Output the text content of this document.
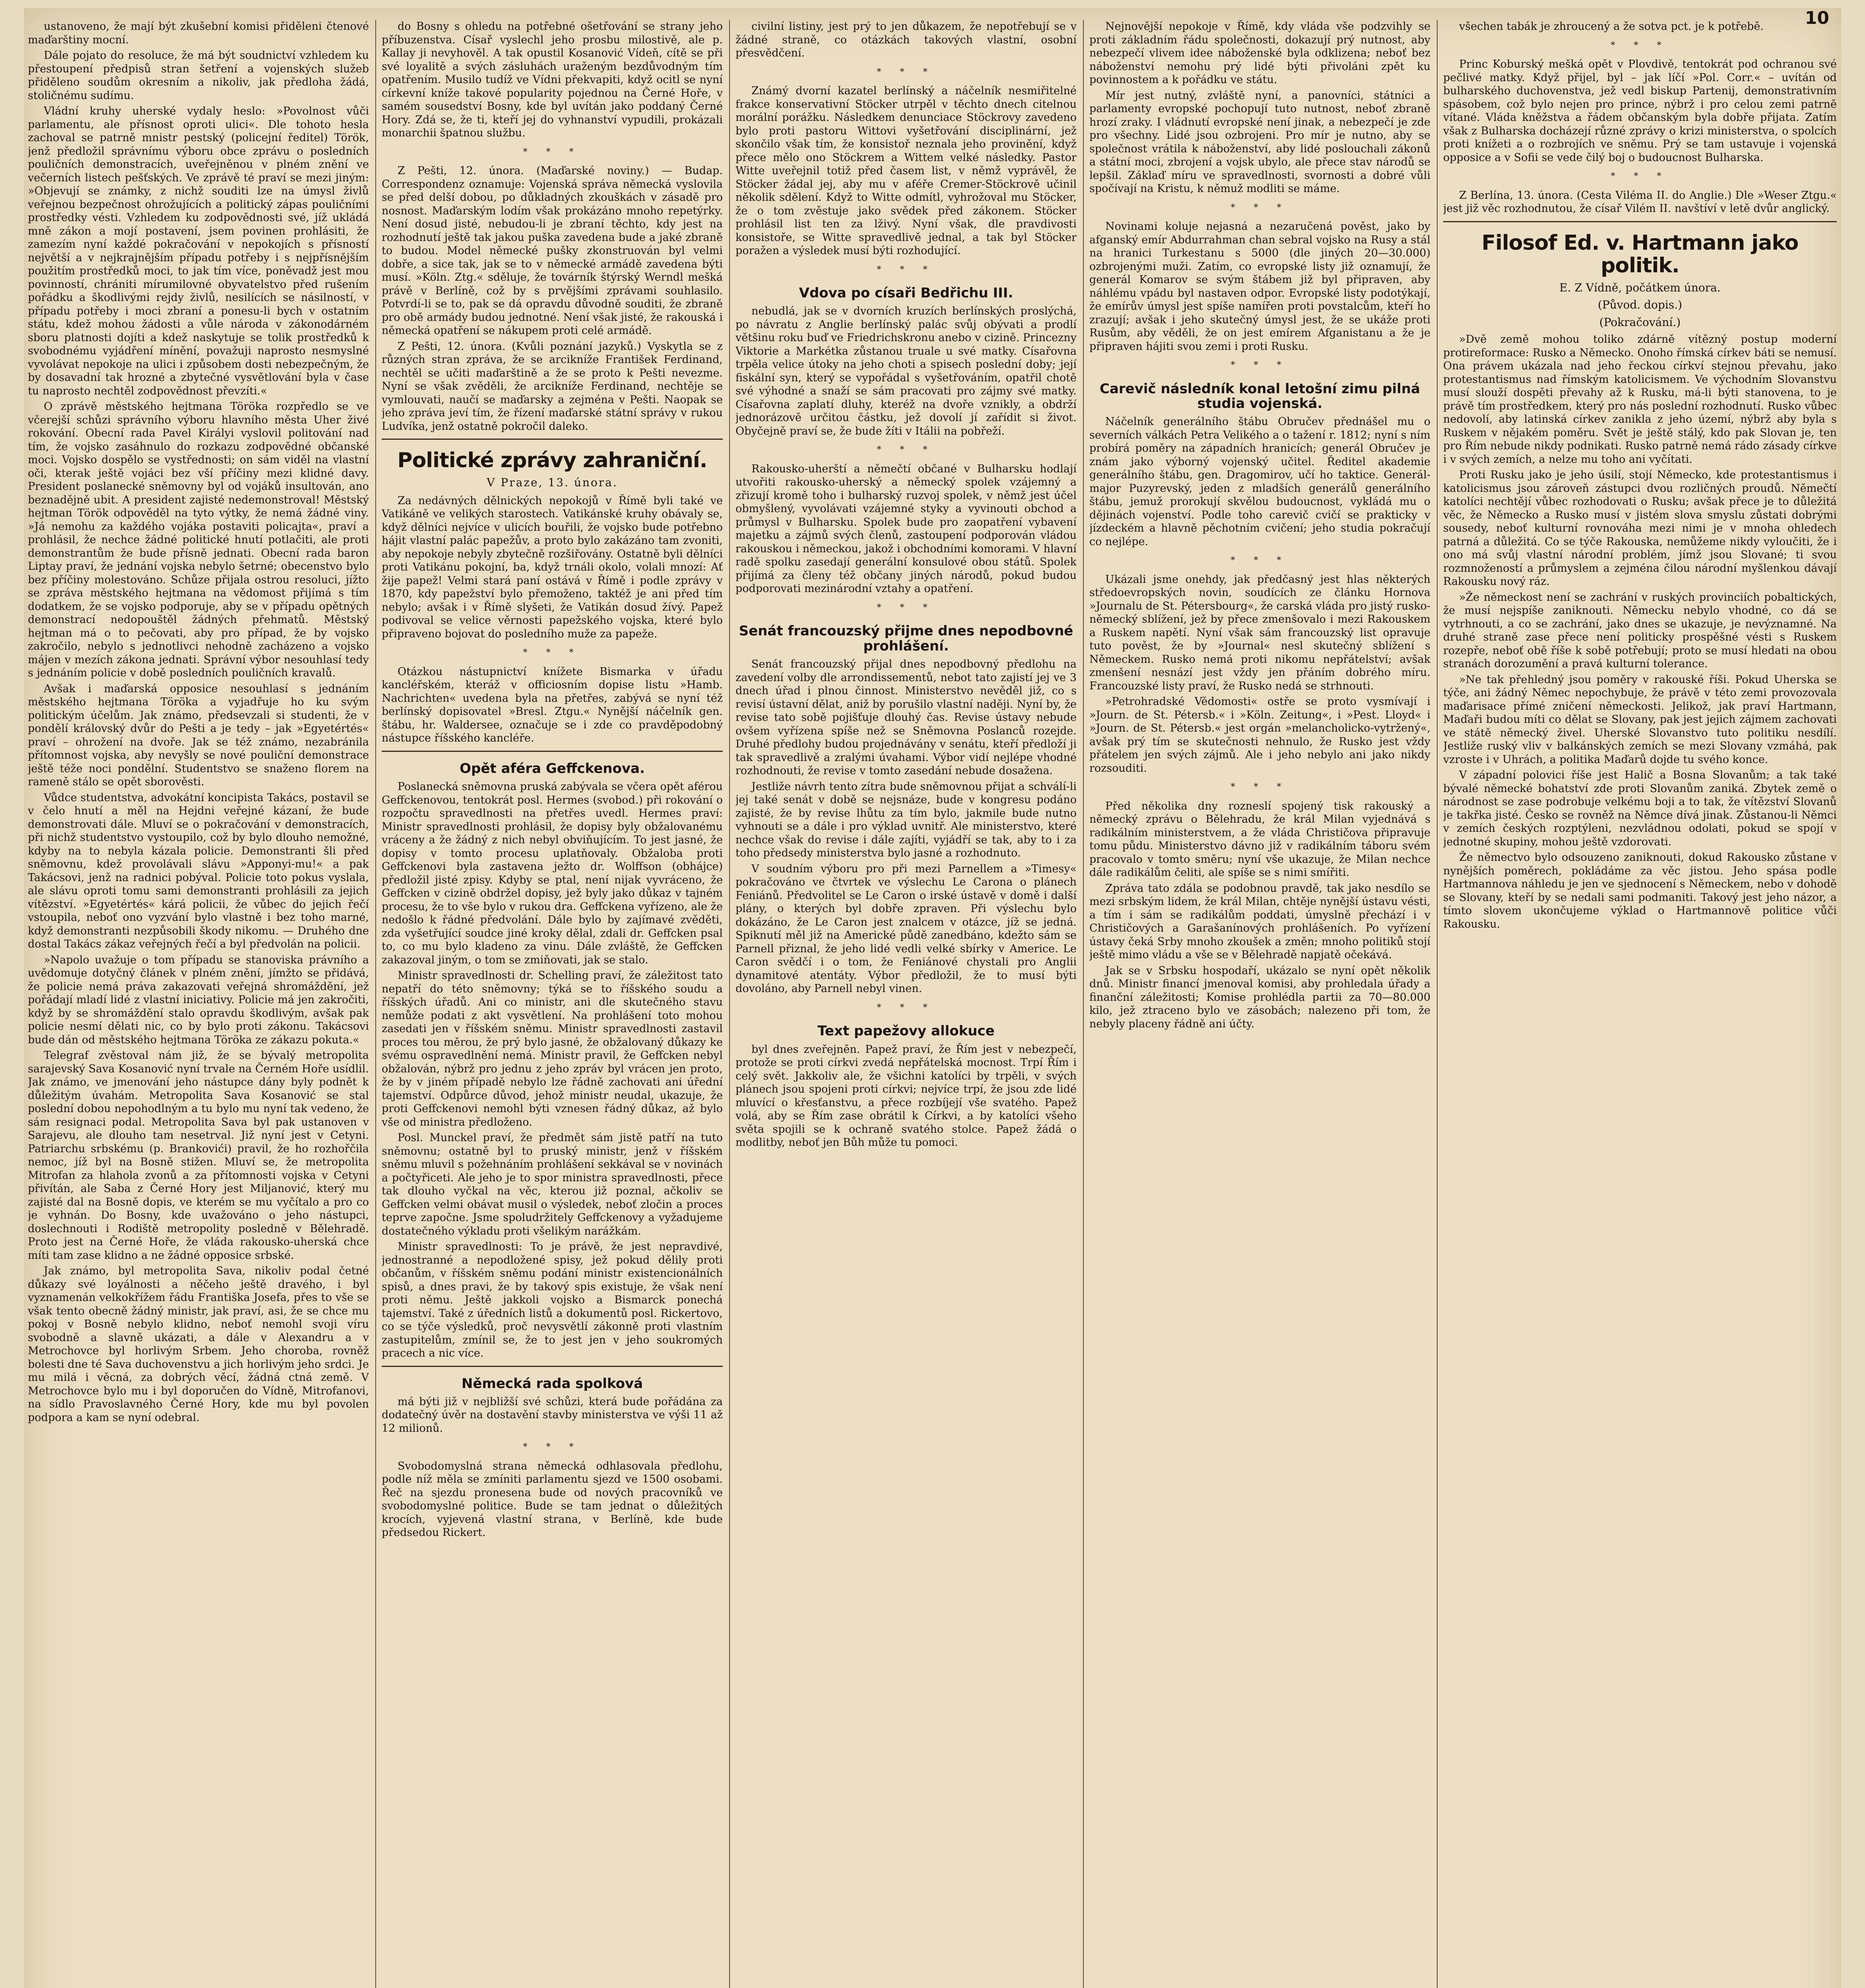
10

ustanoveno, že mají být zkušební komisi přiděleni čtenové maďarštiny mocní.

Dále pojato do resoluce, že má být soudnictví vzhledem ku přestoupení předpisů stran šetření a vojenských služeb přiděleno soudům okresním a nikoliv, jak předloha žádá, stoličnému sudímu.

Vládní kruhy uherské vydaly heslo: »Povolnost vůči parlamentu, ale přísnost oproti ulici«. Dle tohoto hesla zachoval se patrně mnistr pestský (policejní ředitel) Török, jenž předložil správnímu výboru obce zprávu o posledních pouličních demonstracích, uveřejněnou v plném znění ve večerních listech pešťských. Ve zprávě té praví se mezi jiným: »Objevují se známky, z nichž souditi lze na úmysl živlů veřejnou bezpečnost ohrožujících a politický zápas pouličními prostředky vésti. Vzhledem ku zodpovědnosti své, jíž ukládá mně zákon a mojí postavení, jsem povinen prohlásiti, že zamezím nyní každé pokračování v nepokojích s přísností největší a v nejkrajnějším případu potřeby i s nejpřísnějším použitím prostředků moci, to jak tím více, poněvadž jest mou povinností, chrániti mírumilovné obyvatelstvo před rušením pořádku a škodlivými rejdy živlů, nesilících se násilností, v případu potřeby i moci zbraní a ponesu-li bych v ostatním státu, kdež mohou žádosti a vůle národa v zákonodárném sboru platnosti dojíti a kdež naskytuje se tolik prostředků k svobodnému vyjádření mínění, považuji naprosto nesmyslné vyvolávat nepokoje na ulici i způsobem dosti nebezpečným, že by dosavadní tak hrozné a zbytečné vysvětlování byla v čase tu naprosto nechtěl zodpovědnost převzíti.«

O zprávě městského hejtmana Töröka rozpředlo se ve včerejší schůzi správního výboru hlavního města Uher živé rokování. Obecní rada Pavel Királyi vyslovil politování nad tím, že vojsko zasáhnulo do rozkazu zodpovědné občanské moci. Vojsko dospělo se vystřednosti; on sám viděl na vlastní oči, kterak ještě vojáci bez vší příčiny mezi klidné davy. President poslanecké sněmovny byl od vojáků insultován, ano beznadějně ubit. A president zajisté nedemonstroval! Městský hejtman Török odpověděl na tyto výtky, že nemá žádné viny. »Já nemohu za každého vojáka postaviti policajta«, praví a prohlásil, že nechce žádné politické hnutí potlačiti, ale proti demonstrantům že bude přísně jednati. Obecní rada baron Liptay praví, že jednání vojska nebylo šetrné; obecenstvo bylo bez příčiny molestováno. Schůze přijala ostrou resoluci, jížto se zpráva městského hejtmana na vědomost přijímá s tím dodatkem, že se vojsko podporuje, aby se v případu opětných demonstrací nedopouštěl žádných přehmatů. Městský hejtman má o to pečovati, aby pro případ, že by vojsko zakročilo, nebylo s jednotlivci nehodně zacházeno a vojsko májen v mezích zákona jednati. Správní výbor nesouhlasí tedy s jednáním policie v době posledních pouličních kravalů.

Avšak i maďarská opposice nesouhlasí s jednáním městského hejtmana Töröka a vyjadřuje ho ku svým politickým účelům. Jak známo, předsevzali si studenti, že v pondělí královský dvůr do Pešti a je tedy – jak »Egyetértés« praví – ohrožení na dvoře. Jak se též známo, nezabránila přítomnost vojska, aby nevyšly se nové pouliční demonstrace ještě téže noci pondělní. Studentstvo se snaženo florem na rameně stálo se opět sborověsti.

Vůdce studentstva, advokátní koncipista Takács, postavil se v čelo hnutí a měl na Hejdni veřejné kázaní, že bude demonstrovati dále. Mluví se o pokračování v demonstracích, při nichž studentstvo vystoupilo, což by bylo dlouho nemožné, kdyby na to nebyla kázala policie. Demonstranti šli před sněmovnu, kdež provolávali slávu »Apponyi-mu!« a pak Takácsovi, jenž na radnici pobýval. Policie toto pokus vyslala, ale slávu oproti tomu sami demonstranti prohlásili za jejich vítězství. »Egyetértés« kárá policii, že vůbec do jejich řečí vstoupila, neboť ono vyzvání bylo vlastně i bez toho marné, když demonstranti nezpůsobili škody nikomu. — Druhého dne dostal Takács zákaz veřejných řečí a byl předvolán na policii.

»Napolo uvažuje o tom případu se stanoviska právního a uvědomuje dotyčný článek v plném znění, jímžto se přidává, že policie nemá práva zakazovati veřejná shromáždění, jež pořádají mladí lidé z vlastní iniciativy. Policie má jen zakročiti, když by se shromáždění stalo opravdu škodlivým, avšak pak policie nesmí dělati nic, co by bylo proti zákonu. Takácsovi bude dán od městského hejtmana Töröka ze zákazu pokuta.«

Telegraf zvěstoval nám již, že se bývalý metropolita sarajevský Sava Kosanović nyní trvale na Černém Hoře usídlil. Jak známo, ve jmenování jeho nástupce dány byly podnět k důležitým úvahám. Metropolita Sava Kosanović se stal poslední dobou nepohodlným a tu bylo mu nyní tak vedeno, že sám resignaci podal. Metropolita Sava byl pak ustanoven v Sarajevu, ale dlouho tam nesetrval. Již nyní jest v Cetyni. Patriarchu srbskému (p. Brankovići) pravil, že ho rozhořčila nemoc, jíž byl na Bosně stižen. Mluví se, že metropolita Mitrofan za hlahola zvonů a za přítomnosti vojska v Cetyni přivítán, ale Saba z Černé Hory jest Miljanović, který mu zajisté dal na Bosně dopis, ve kterém se mu vyčítalo a pro co je vyhnán. Do Bosny, kde uvažováno o jeho nástupci, doslechnouti i Rodiště metropolity posledně v Bělehradě. Proto jest na Černé Hoře, že vláda rakousko-uherská chce míti tam zase klidno a ne žádné opposice srbské.

Jak známo, byl metropolita Sava, nikoliv podal četné důkazy své loyálnosti a něčeho ještě dravého, i byl vyznamenán velkokřížem řádu Františka Josefa, přes to vše se však tento obecně žádný ministr, jak praví, asi, že se chce mu pokoj v Bosně nebylo klidno, neboť nemohl svoji víru svobodně a slavně ukázati, a dále v Alexandru a v Metrochovce byl horlivým Srbem. Jeho choroba, rovněž bolesti dne té Sava duchovenstvu a jich horlivým jeho srdci. Je mu milá i věcná, za dobrých věcí, žádná ctná země. V Metrochovce bylo mu i byl doporučen do Vídně, Mitrofanovi, na sídlo Pravoslavného Černé Hory, kde mu byl povolen podpora a kam se nyní odebral.

do Bosny s ohledu na potřebné ošetřování se strany jeho příbuzenstva. Císař vyslechl jeho prosbu milostivě, ale p. Kallay ji nevyhověl. A tak opustil Kosanović Vídeň, cítě se při své loyalitě a svých zásluhách uraženým bezdůvodným tím opatřením. Musilo tudíž ve Vídni překvapiti, když ocitl se nyní církevní kníže takové popularity pojednou na Černé Hoře, v samém sousedství Bosny, kde byl uvítán jako poddaný Černé Hory. Zdá se, že ti, kteří jej do vyhnanství vypudili, prokázali monarchii špatnou službu.

* * *

Z Pešti, 12. února. (Maďarské noviny.) — Budap. Correspondenz oznamuje: Vojenská správa německá vyslovila se před delší dobou, po důkladných zkouškách v zásadě pro nosnost. Maďarským lodím však prokázáno mnoho repetýrky. Není dosud jisté, nebudou-li je zbraní těchto, kdy jest na rozhodnutí ještě tak jakou puška zavedena bude a jaké zbraně to budou. Model německé pušky zkonstruován byl velmi dobře, a sice tak, jak se to v německé armádě zavedena býti musí. »Köln. Ztg.« sděluje, že továrník štýrský Werndl mešká právě v Berlíně, což by s prvějšími zprávami souhlasilo. Potvrdí-li se to, pak se dá opravdu důvodně souditi, že zbraně pro obě armády budou jednotné. Není však jisté, že rakouská i německá opatření se nákupem proti celé armádě.

Z Pešti, 12. února. (Kvůli poznání jazyků.) Vyskytla se z různých stran zpráva, že se arcikníže František Ferdinand, nechtěl se učiti maďarštině a že se proto k Pešti nevezme. Nyní se však zvěděli, že arcikníže Ferdinand, nechtěje se vymlouvati, naučí se maďarsky a zejména v Pešti. Naopak se jeho zpráva jeví tím, že řízení maďarské státní správy v rukou Ludvíka, jenž ostatně pokročil daleko.

Politické zprávy zahraniční.
V Praze, 13. února.

Za nedávných dělnických nepokojů v Římě byli také ve Vatikáně ve velikých starostech. Vatikánské kruhy obávaly se, když dělníci nejvíce v ulicích bouřili, že vojsko bude potřebno hájit vlastní palác papežův, a proto bylo zakázáno tam zvoniti, aby nepokoje nebyly zbytečně rozšiřovány. Ostatně byli dělníci proti Vatikánu pokojní, ba, když trnáli okolo, volali mnozí: Ať žije papež! Velmi stará paní ostává v Římě i podle zprávy v 1870, kdy papežství bylo přemoženo, taktéž je ani před tím nebylo; avšak i v Římě slyšeti, že Vatikán dosud žívý. Papež podivoval se velice věrnosti papežského vojska, které bylo připraveno bojovat do posledního muže za papeže.

* * *

Otázkou nástupnictví knížete Bismarka v úřadu kancléřském, kteráž v officiosním dopise listu »Hamb. Nachrichten« uvedena byla na přetřes, zabývá se nyní též berlínský dopisovatel »Bresl. Ztgu.« Nynější náčelník gen. štábu, hr. Waldersee, označuje se i zde co pravděpodobný nástupce říšského kancléře.

Opět aféra Geffckenova.

Poslanecká sněmovna pruská zabývala se včera opět aférou Geffckenovou, tentokrát posl. Hermes (svobod.) při rokování o rozpočtu spravedlnosti na přetřes uvedl. Hermes praví: Ministr spravedlnosti prohlásil, že dopisy byly obžalovanému vráceny a že žádný z nich nebyl obviňujícím. To jest jasné, že dopisy v tomto procesu uplatňovaly. Obžaloba proti Geffckenovi byla zastavena ježto dr. Wolffson (obhájce) předložil jisté zpisy. Kdyby se ptal, není nijak vyvráceno, že Geffcken v cizině obdržel dopisy, jež byly jako důkaz v tajném procesu, že to vše bylo v rukou dra. Geffckena vyřízeno, ale že nedošlo k řádné předvolání. Dále bylo by zajímavé zvěděti, zda vyšetřující soudce jiné kroky dělal, zdali dr. Geffcken psal to, co mu bylo kladeno za vinu. Dále zvláště, že Geffcken zakazoval jiným, o tom se zmiňovati, jak se stalo.

Ministr spravedlnosti dr. Schelling praví, že záležitost tato nepatří do této sněmovny; týká se to říšského soudu a říšských úřadů. Ani co ministr, ani dle skutečného stavu nemůže podati z akt vysvětlení. Na prohlášení toto mohou zasedati jen v říšském sněmu. Ministr spravedlnosti zastavil proces tou měrou, že prý bylo jasné, že obžalovaný důkazy ke svému ospravedlnění nemá. Ministr pravil, že Geffcken nebyl obžalován, nýbrž pro jednu z jeho zpráv byl vrácen jen proto, že by v jiném případě nebylo lze řádně zachovati ani úřední tajemství. Odpůrce důvod, jehož ministr neudal, ukazuje, že proti Geffckenovi nemohl býti vznesen řádný důkaz, až bylo vše od ministra předloženo.

Posl. Munckel praví, že předmět sám jistě patří na tuto sněmovnu; ostatně byl to pruský ministr, jenž v říšském sněmu mluvil s požehnáním prohlášení sekkával se v novinách a počtyřiceti. Ale jeho je to spor ministra spravedlnosti, přece tak dlouho vyčkal na věc, kterou již poznal, ačkoliv se Geffcken velmi obávat musil o výsledek, neboť zločin a proces teprve započne. Jsme spoludržitely Geffckenovy a vyžadujeme dostatečného výkladu proti všelikým narážkám.

Ministr spravedlnosti: To je právě, že jest nepravdivé, jednostranné a nepodložené spisy, jež pokud dělily proti občanům, v říšském sněmu podání ministr existencionálních spisů, a dnes pravi, že by takový spis existuje, že však není proti němu. Ještě jakkoli vojsko a Bismarck ponechá tajemství. Také z úředních listů a dokumentů posl. Rickertovo, co se týče výsledků, proč nevysvětlí zákonně proti vlastním zastupitelům, zmínil se, že to jest jen v jeho soukromých pracech a nic více.

Německá rada spolková

má býti již v nejbližší své schůzi, která bude pořádána za dodatečný úvěr na dostavění stavby ministerstva ve výši 11 až 12 milionů.

* * *

Svobodomyslná strana německá odhlasovala předlohu, podle níž měla se zmíniti parlamentu sjezd ve 1500 osobami. Řeč na sjezdu pronesena bude od nových pracovníků ve svobodomyslné politice. Bude se tam jednat o důležitých krocích, vyjevená vlastní strana, v Berlíně, kde bude předsedou Rickert.

civilní listiny, jest prý to jen důkazem, že nepotřebují se v žádné straně, co otázkách takových vlastní, osobní přesvědčení.

* * *

Známý dvorní kazatel berlínský a náčelník nesmiřitelné frakce konservativní Stöcker utrpěl v těchto dnech citelnou morální porážku. Následkem denunciace Stöckrovy zavedeno bylo proti pastoru Wittovi vyšetřování disciplinární, jež skončilo však tím, že konsistoř neznala jeho provinění, když přece mělo ono Stöckrem a Wittem velké následky. Pastor Witte uveřejnil totiž před časem list, v němž vyprávěl, že Stöcker žádal jej, aby mu v aféře Cremer-Stöckrově učinil několik sdělení. Když to Witte odmítl, vyhrožoval mu Stöcker, že o tom zvěstuje jako svědek před zákonem. Stöcker prohlásil list ten za lživý. Nyní však, dle pravdivosti konsistoře, se Witte spravedlivě jednal, a tak byl Stöcker poražen a výsledek musí býti rozhodující.

* * *
Vdova po císaři Bedřichu III.

nebudlá, jak se v dvorních kruzích berlínských proslýchá, po návratu z Anglie berlínský palác svůj obývati a prodlí většinu roku buď ve Friedrichskronu anebo v cizině. Princezny Viktorie a Markétka zůstanou truale u své matky. Císařovna trpěla velice útoky na jeho choti a spisech poslední doby; její fiskální syn, který se vypořádal s vyšetřováním, opatřil chotě své výhodné a snaží se sám pracovati pro zájmy své matky. Císařovna zaplatí dluhy, kteréž na dvoře vznikly, a obdrží jednorázově určitou částku, jež dovolí jí zařídit si život. Obyčejně praví se, že bude žíti v Itálii na pobřeží.

* * *

Rakousko-uherští a němečtí občané v Bulharsku hodlají utvořiti rakousko-uherský a německý spolek vzájemný a zřizují kromě toho i bulharský ruzvoj spolek, v němž jest účel obmyšlený, vyvolávati vzájemné styky a vyvinouti obchod a průmysl v Bulharsku. Spolek bude pro zaopatření vybavení majetku a zájmů svých členů, zastoupení podporován vládou rakouskou i německou, jakož i obchodními komorami. V hlavní radě spolku zasedají generální konsulové obou států. Spolek přijímá za členy též občany jiných národů, pokud budou podporovati mezinárodní vztahy a opatření.

* * *
Senát francouzský přijme dnes nepodbovné prohlášení.

Senát francouzský přijal dnes nepodbovný předlohu na zavedení volby dle arrondissementů, nebot tato zajistí jej ve 3 dnech úřad i plnou činnost. Ministerstvo nevěděl již, co s revisí ústavní dělat, aniž by porušilo vlastní naději. Nyní by, že revise tato sobě pojišťuje dlouhý čas. Revise ústavy nebude ovšem vyřízena spíše než se Sněmovna Poslanců rozejde. Druhé předlohy budou projednávány v senátu, kteří předloží ji tak spravedlivě a zralými úvahami. Výbor vidí nejlépe vhodné rozhodnouti, že revise v tomto zasedání nebude dosažena.

Jestliže návrh tento zítra bude sněmovnou přijat a schválí-li jej také senát v době se nejsnáze, bude v kongresu podáno zajisté, že by revise lhůtu za tím bylo, jakmile bude nutno vyhnouti se a dále i pro výklad uvnitř. Ale ministerstvo, které nechce však do revise i dále zajíti, vyjádří se tak, aby to i za toho předsedy ministerstva bylo jasné a rozhodnuto.

V soudním výboru pro při mezi Parnellem a »Timesy« pokračováno ve čtvrtek ve výslechu Le Carona o plánech Feniánů. Předvolitel se Le Caron o irské ústavě v domě i další plány, o kterých byl dobře zpraven. Při výslechu bylo dokázáno, že Le Caron jest znalcem v otázce, jíž se jedná. Spiknutí měl již na Americké půdě zanedbáno, kdežto sám se Parnell přiznal, že jeho lidé vedli velké sbírky v Americe. Le Caron svědčí i o tom, že Feniánové chystali pro Anglii dynamitové atentáty. Výbor předložil, že to musí býti dovoláno, aby Parnell nebyl vinen.

* * *
Text papežovy allokuce

byl dnes zveřejněn. Papež praví, že Řím jest v nebezpečí, protože se proti církvi zvedá nepřátelská mocnost. Trpí Řím i celý svět. Jakkoliv ale, že všichni katolíci by trpěli, v svých plánech jsou spojeni proti církvi; nejvíce trpí, že jsou zde lidé mluvící o křesťanstvu, a přece rozbíjejí vše svatého. Papež volá, aby se Řím zase obrátil k Církvi, a by katolíci všeho světa spojili se k ochraně svatého stolce. Papež žádá o modlitby, neboť jen Bůh může tu pomoci.

Nejnovější nepokoje v Římě, kdy vláda vše podzvihly se proti základním řádu společnosti, dokazují prý nutnost, aby nebezpečí vlivem idee náboženské byla odklizena; neboť bez náboženství nemohu prý lidé býti přivoláni zpět ku povinnostem a k pořádku ve státu.

Mír jest nutný, zvláště nyní, a panovníci, státníci a parlamenty evropské pochopují tuto nutnost, neboť zbraně hrozí zraky. I vládnutí evropské není jinak, a nebezpečí je zde pro všechny. Lidé jsou ozbrojeni. Pro mír je nutno, aby se společnost vrátila k náboženství, aby lidé poslouchali zákonů a státní moci, zbrojení a vojsk ubylo, ale přece stav národů se lepšil. Záklaď míru ve spravedlnosti, svornosti a dobré vůli spočívají na Kristu, k němuž modliti se máme.

* * *

Novinami koluje nejasná a nezaručená pověst, jako by afganský emír Abdurrahman chan sebral vojsko na Rusy a stál na hranici Turkestanu s 5000 (dle jiných 20—30.000) ozbrojenými muži. Zatím, co evropské listy již oznamují, že generál Komarov se svým štábem již byl připraven, aby náhlému vpádu byl nastaven odpor. Evropské listy podotýkají, že emírův úmysl jest spíše namířen proti povstalcům, kteří ho zrazují; avšak i jeho skutečný úmysl jest, že se ukáže proti Rusům, aby věděli, že on jest emírem Afganistanu a že je připraven hájiti svou zemi i proti Rusku.

* * *
Carevič následník konal letošní zimu pilná studia vojenská.

Náčelník generálního štábu Obručev přednášel mu o severních válkách Petra Velikého a o tažení r. 1812; nyní s ním probírá poměry na západních hranicích; generál Obručev je znám jako výborný vojenský učitel. Ředitel akademie generálního štábu, gen. Dragomirov, učí ho taktice. Generál-major Puzyrevský, jeden z mladších generálů generálního štábu, jemuž prorokují skvělou budoucnost, vykládá mu o dějinách vojenství. Podle toho carevič cvičí se prakticky v jízdeckém a hlavně pěchotním cvičení; jeho studia pokračují co nejlépe.

* * *

Ukázali jsme onehdy, jak předčasný jest hlas některých středoevropských novin, soudících ze článku Hornova »Journalu de St. Pétersbourg«, že carská vláda pro jistý rusko-německý sblížení, jež by přece zmenšovalo i mezi Rakouskem a Ruskem napětí. Nyní však sám francouzský list opravuje tuto pověst, že by »Journal« nesl skutečný sblížení s Německem. Rusko nemá proti nikomu nepřátelství; avšak zmenšení nesnází jest vždy jen přáním dobrého míru. Francouzské listy praví, že Rusko nedá se strhnouti.

»Petrohradské Vědomosti« ostře se proto vysmívají i »Journ. de St. Pétersb.« i »Köln. Zeitung«, i »Pest. Lloyd« i »Journ. de St. Pétersb.« jest orgán »melancholicko-vytržený«, avšak prý tím se skutečnosti nehnulo, že Rusko jest vždy přátelem jen svých zájmů. Ale i jeho nebylo ani jako nikdy rozsouditi.

* * *

Před několika dny rozneslí spojený tisk rakouský a německý zprávu o Bělehradu, že král Milan vyjednává s radikálním ministerstvem, a že vláda Christičova připravuje tomu půdu. Ministerstvo dávno již v radikálním táboru svém pracovalo v tomto směru; nyní vše ukazuje, že Milan nechce dále radikálům čeliti, ale spíše se s nimi smířiti.

Zpráva tato zdála se podobnou pravdě, tak jako nesdílo se mezi srbským lidem, že král Milan, chtěje nynější ústavu vésti, a tím i sám se radikálům poddati, úmyslně přechází i v Christičových a Garašanínových prohlášeních. Po vyřízení ústavy čeká Srby mnoho zkoušek a změn; mnoho politiků stojí ještě mimo vládu a vše se v Bělehradě napjatě očekává.

Jak se v Srbsku hospodaří, ukázalo se nyní opět několik dnů. Ministr financí jmenoval komisi, aby prohledala úřady a finanční záležitosti; Komise prohlédla partii za 70—80.000 kilo, jež ztraceno bylo ve zásobách; nalezeno při tom, že nebyly placeny řádně ani účty.

všechen tabák je zhroucený a že sotva pct. je k potřebě.

* * *

Princ Koburský mešká opět v Plovdivě, tentokrát pod ochranou své pečlivé matky. Když přijel, byl – jak líčí »Pol. Corr.« – uvítán od bulharského duchovenstva, jež vedl biskup Partenij, demonstrativním spásobem, což bylo nejen pro prince, nýbrž i pro celou zemi patrně vítané. Vláda kněžstva a řádem občanským byla dobře přijata. Zatím však z Bulharska docházejí různé zprávy o krizi ministerstva, o spolcích proti knížeti a o rozbrojích ve sněmu. Prý se tam ustavuje i vojenská opposice a v Sofii se vede čilý boj o budoucnost Bulharska.

* * *

Z Berlína, 13. února. (Cesta Viléma II. do Anglie.) Dle »Weser Ztgu.« jest již věc rozhodnutou, že císař Vilém II. navštíví v letě dvůr anglický.

Filosof Ed. v. Hartmann jako politik.
E. Z Vídně, počátkem února.
(Původ. dopis.)
(Pokračování.)

»Dvě země mohou toliko zdárně vítězný postup moderní protireformace: Rusko a Německo. Onoho římská církev báti se nemusí. Ona právem ukázala nad jeho řeckou církví stejnou převahu, jako protestantismus nad římským katolicismem. Ve východním Slovanstvu musí slouží dospěti převahy až k Rusku, má-li býti stanovena, to je právě tím prostředkem, který pro nás poslední rozhodnutí. Rusko vůbec nedovolí, aby latinská církev zanikla z jeho území, nýbrž aby byla s Ruskem v nějakém poměru. Svět je ještě stálý, kdo pak Slovan je, ten pro Řím nebude nikdy podnikati. Rusko patrně nemá rádo zásady církve i v svých zemích, a nelze mu toho ani vyčítati.

Proti Rusku jako je jeho úsilí, stojí Německo, kde protestantismus i katolicismus jsou zároveň zástupci dvou rozličných proudů. Němečtí katolíci nechtějí vůbec rozhodovati o Rusku; avšak přece je to důležitá věc, že Německo a Rusko musí v jistém slova smyslu zůstati dobrými sousedy, neboť kulturní rovnováha mezi nimi je v mnoha ohledech patrná a důležitá. Co se týče Rakouska, nemůžeme nikdy vyloučiti, že i ono má svůj vlastní národní problém, jímž jsou Slované; ti svou rozmnožeností a průmyslem a zejména čilou národní myšlenkou dávají Rakousku nový ráz.

»Že německost není se zachrání v ruských provinciích pobaltických, že musí nejspíše zaniknouti. Německu nebylo vhodné, co dá se vytrhnouti, a co se zachrání, jako dnes se ukazuje, je nevýznamné. Na druhé straně zase přece není politicky prospěšné vésti s Ruskem rozepře, neboť obě říše k sobě potřebují; proto se musí hledati na obou stranách dorozumění a pravá kulturní tolerance.

»Ne tak přehledný jsou poměry v rakouské říši. Pokud Uherska se týče, ani žádný Němec nepochybuje, že právě v této zemi provozovala maďarisace přímé zničení německosti. Jelikož, jak praví Hartmann, Maďaři budou míti co dělat se Slovany, pak jest jejich zájmem zachovati ve státě německý živel. Uherské Slovanstvo tuto politiku nesdílí. Jestliže ruský vliv v balkánských zemích se mezi Slovany vzmáhá, pak vzroste i v Uhrách, a politika Maďarů dojde tu svého konce.

V západní polovici říše jest Halič a Bosna Slovanům; a tak také bývalé německé bohatství zde proti Slovanům zaniká. Zbytek země o národnost se zase podrobuje velkému boji a to tak, že vítězství Slovanů je takřka jisté. Česko se rovněž na Němce dívá jinak. Zůstanou-li Němci v zemích českých rozptýleni, nezvládnou odolati, pokud se spojí v jednotné skupiny, mohou ještě vzdorovati.

Že němectvo bylo odsouzeno zaniknouti, dokud Rakousko zůstane v nynějších poměrech, pokládáme za věc jistou. Jeho spása podle Hartmannova náhledu je jen ve sjednocení s Německem, nebo v dohodě se Slovany, kteří by se nedali sami podmaniti. Takový jest jeho názor, a tímto slovem ukončujeme výklad o Hartmannově politice vůči Rakousku.
